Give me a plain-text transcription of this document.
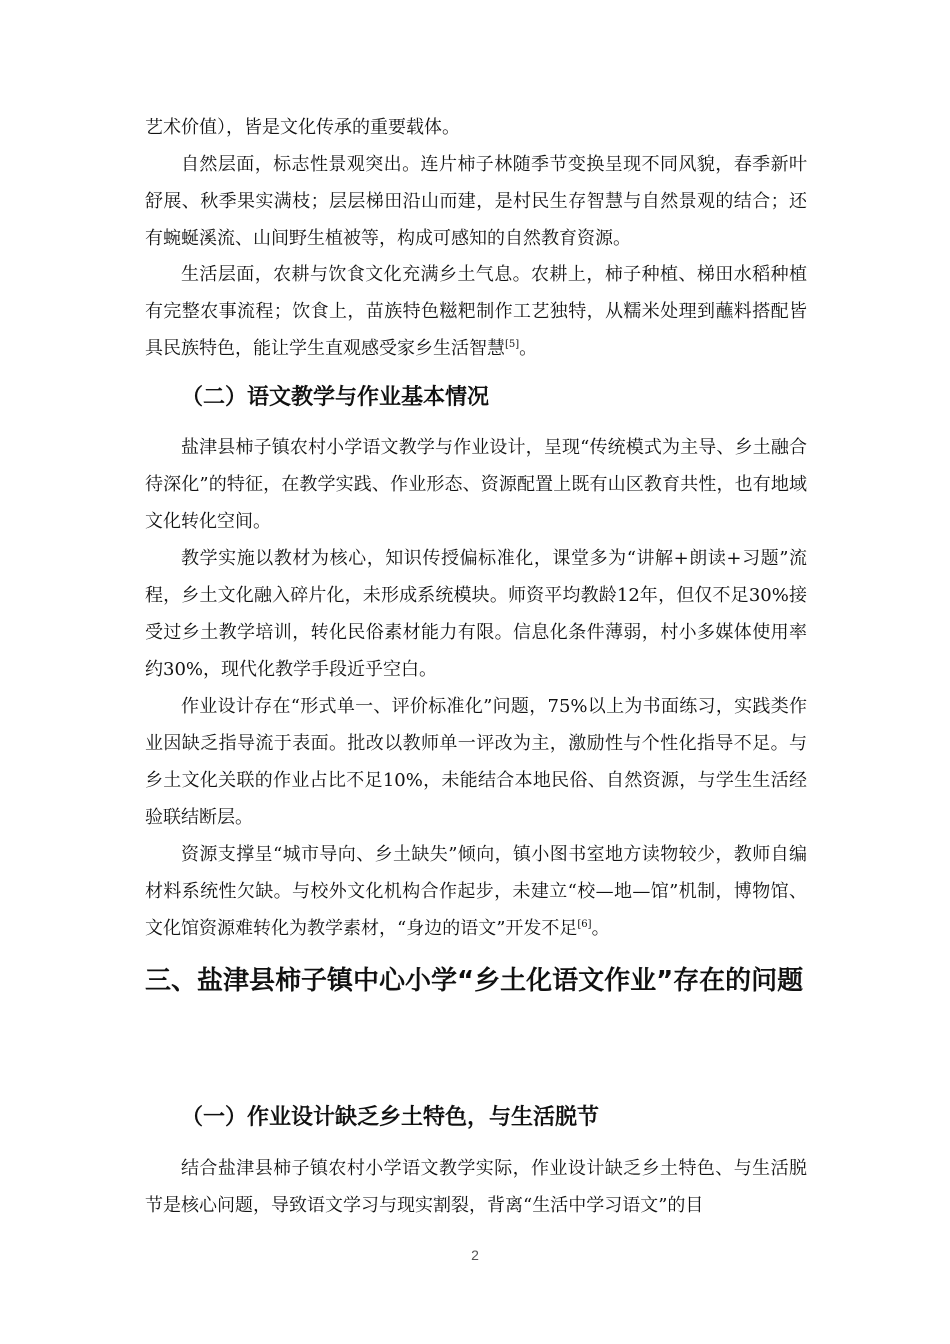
艺术价值），皆是文化传承的重要载体。

自然层面，标志性景观突出。连片柿子林随季节变换呈现不同风貌，春季新叶舒展、秋季果实满枝；层层梯田沿山而建，是村民生存智慧与自然景观的结合；还有蜿蜒溪流、山间野生植被等，构成可感知的自然教育资源。

生活层面，农耕与饮食文化充满乡土气息。农耕上，柿子种植、梯田水稻种植有完整农事流程；饮食上，苗族特色糍粑制作工艺独特，从糯米处理到蘸料搭配皆具民族特色，能让学生直观感受家乡生活智慧[5]。

（二）语文教学与作业基本情况

盐津县柿子镇农村小学语文教学与作业设计，呈现“传统模式为主导、乡土融合待深化”的特征，在教学实践、作业形态、资源配置上既有山区教育共性，也有地域文化转化空间。

教学实施以教材为核心，知识传授偏标准化，课堂多为“讲解+朗读+习题”流程，乡土文化融入碎片化，未形成系统模块。师资平均教龄12年，但仅不足30%接受过乡土教学培训，转化民俗素材能力有限。信息化条件薄弱，村小多媒体使用率约30%，现代化教学手段近乎空白。

作业设计存在“形式单一、评价标准化”问题，75%以上为书面练习，实践类作业因缺乏指导流于表面。批改以教师单一评改为主，激励性与个性化指导不足。与乡土文化关联的作业占比不足10%，未能结合本地民俗、自然资源，与学生生活经验联结断层。

资源支撑呈“城市导向、乡土缺失”倾向，镇小图书室地方读物较少，教师自编材料系统性欠缺。与校外文化机构合作起步，未建立“校—地—馆”机制，博物馆、文化馆资源难转化为教学素材，“身边的语文”开发不足[6]。

三、盐津县柿子镇中心小学“乡土化语文作业”存在的问题
（一）作业设计缺乏乡土特色，与生活脱节

结合盐津县柿子镇农村小学语文教学实际，作业设计缺乏乡土特色、与生活脱节是核心问题，导致语文学习与现实割裂，背离“生活中学习语文”的目

2
